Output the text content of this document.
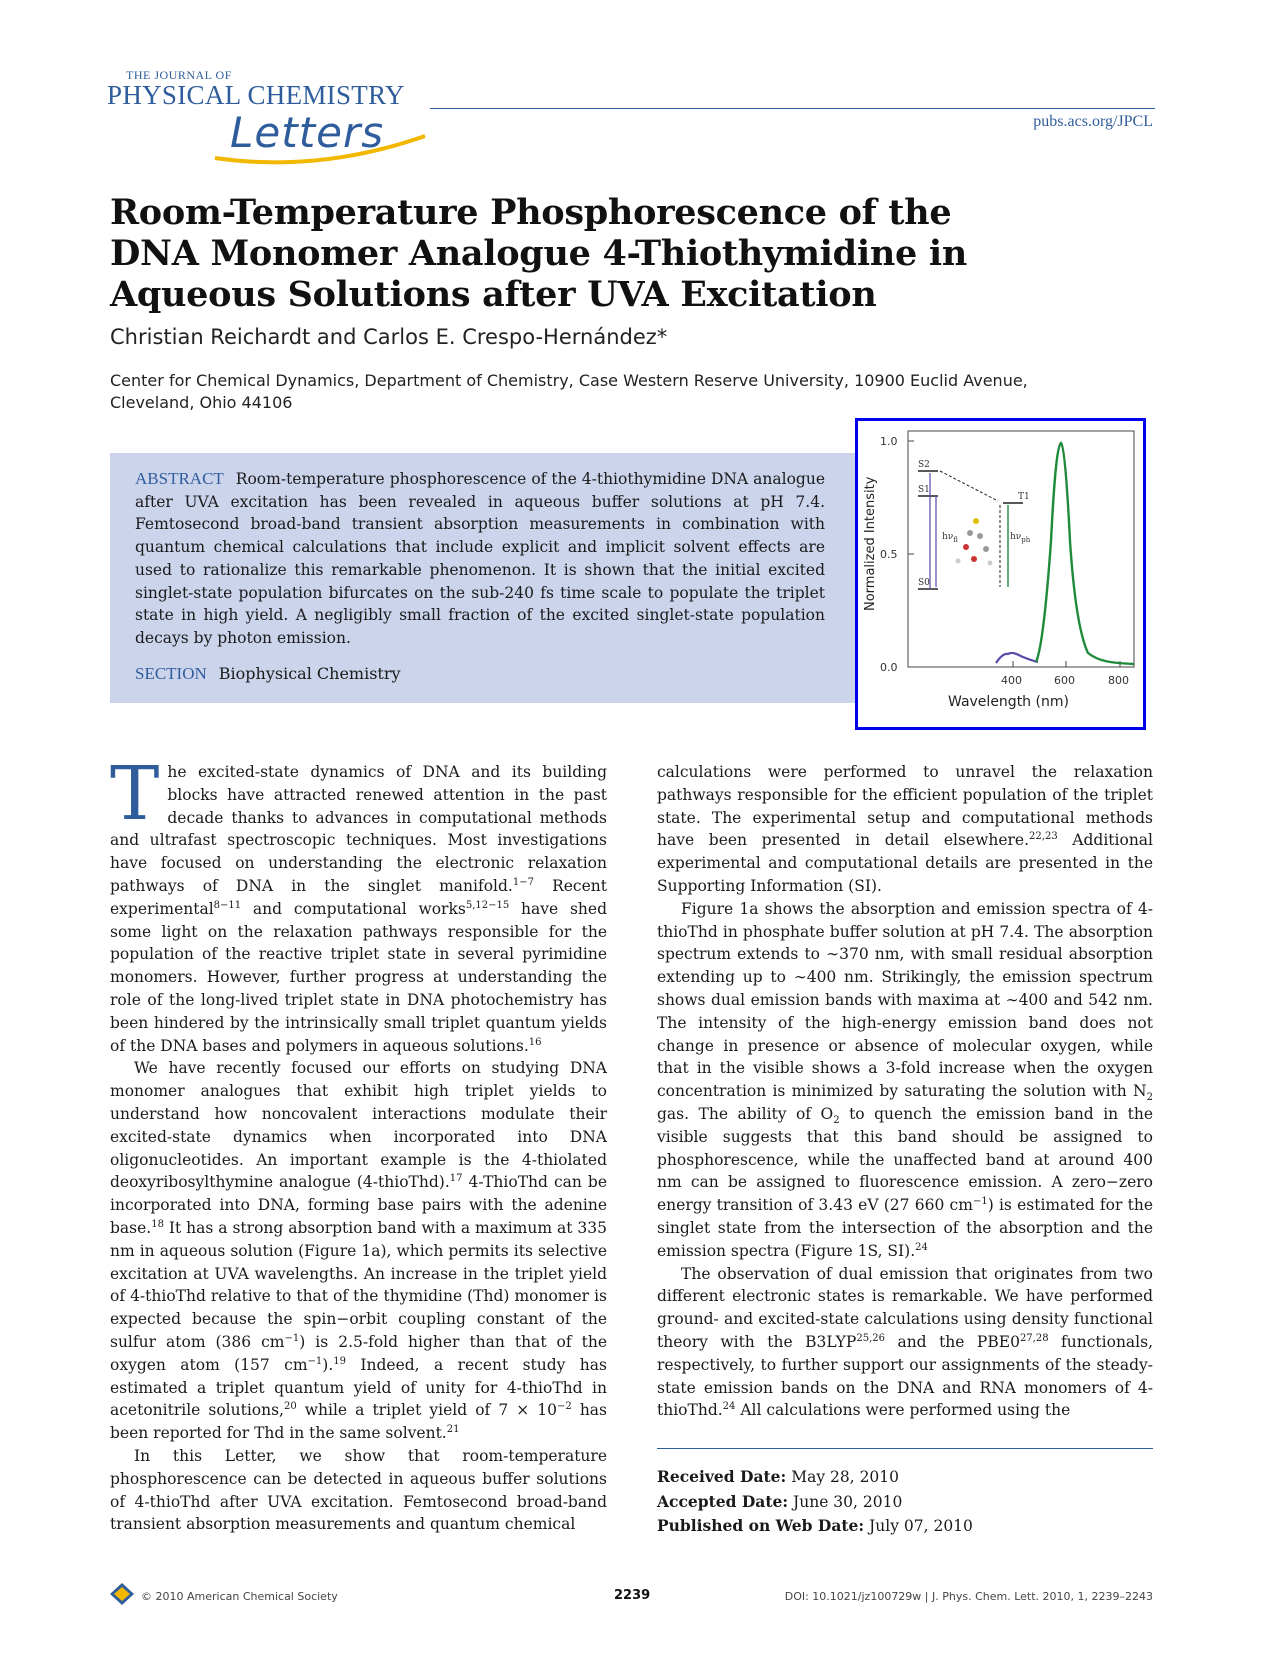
THE JOURNAL OF
PHYSICAL CHEMISTRY
Letters	pubs.acs.org/JPCL
Room-Temperature Phosphorescence of the DNA Monomer Analogue 4-Thiothymidine in Aqueous Solutions after UVA Excitation
Christian Reichardt and Carlos E. Crespo-Hernández*
Center for Chemical Dynamics, Department of Chemistry, Case Western Reserve University, 10900 Euclid Avenue, Cleveland, Ohio 44106
ABSTRACT Room-temperature phosphorescence of the 4-thiothymidine DNA analogue after UVA excitation has been revealed in aqueous buffer solutions at pH 7.4. Femtosecond broad-band transient absorption measurements in combination with quantum chemical calculations that include explicit and implicit solvent effects are used to rationalize this remarkable phenomenon. It is shown that the initial excited singlet-state population bifurcates on the sub-240 fs time scale to populate the triplet state in high yield. A negligibly small fraction of the excited singlet-state population decays by photon emission.
SECTION Biophysical Chemistry
1.0
0.5
0.0
400	600	800
Wavelength (nm)
Normalized Intensity
S2
S1
S0
T1
$h\nu_{fl}$	$h\nu_{ph}$

The excited-state dynamics of DNA and its building blocks have attracted renewed attention in the past decade thanks to advances in computational methods and ultrafast spectroscopic techniques. Most investigations have focused on understanding the electronic relaxation pathways of DNA in the singlet manifold.$^{1-7}$ Recent experimental$^{8-11}$ and computational works$^{5,12-15}$ have shed some light on the relaxation pathways responsible for the population of the reactive triplet state in several pyrimidine monomers. However, further progress at understanding the role of the long-lived triplet state in DNA photochemistry has been hindered by the intrinsically small triplet quantum yields of the DNA bases and polymers in aqueous solutions.$^{16}$

We have recently focused our efforts on studying DNA monomer analogues that exhibit high triplet yields to understand how noncovalent interactions modulate their excited-state dynamics when incorporated into DNA oligonucleotides. An important example is the 4-thiolated deoxyribosylthymine analogue (4-thioThd).$^{17}$ 4-ThioThd can be incorporated into DNA, forming base pairs with the adenine base.$^{18}$ It has a strong absorption band with a maximum at 335 nm in aqueous solution (Figure 1a), which permits its selective excitation at UVA wavelengths. An increase in the triplet yield of 4-thioThd relative to that of the thymidine (Thd) monomer is expected because the spin−orbit coupling constant of the sulfur atom (386 $cm^{-1}$) is 2.5-fold higher than that of the oxygen atom (157 $cm^{-1}).^{19}$ Indeed, a recent study has estimated a triplet quantum yield of unity for 4-thioThd in acetonitrile solutions,$^{20}$ while a triplet yield of $7 \times 10^{-2}$ has been reported for Thd in the same solvent.$^{21}$

In this Letter, we show that room-temperature phosphorescence can be detected in aqueous buffer solutions of 4-thioThd after UVA excitation. Femtosecond broad-band transient absorption measurements and quantum chemical

calculations were performed to unravel the relaxation pathways responsible for the efficient population of the triplet state. The experimental setup and computational methods have been presented in detail elsewhere.$^{22,23}$ Additional experimental and computational details are presented in the Supporting Information (SI).

Figure 1a shows the absorption and emission spectra of 4-thioThd in phosphate buffer solution at pH 7.4. The absorption spectrum extends to ∼370 nm, with small residual absorption extending up to ∼400 nm. Strikingly, the emission spectrum shows dual emission bands with maxima at ∼400 and 542 nm. The intensity of the high-energy emission band does not change in presence or absence of molecular oxygen, while that in the visible shows a 3-fold increase when the oxygen concentration is minimized by saturating the solution with $N_2$ gas. The ability of $O_2$ to quench the emission band in the visible suggests that this band should be assigned to phosphorescence, while the unaffected band at around 400 nm can be assigned to fluorescence emission. A zero−zero energy transition of 3.43 eV (27 660 $cm^{-1}$) is estimated for the singlet state from the intersection of the absorption and the emission spectra (Figure 1S, SI).$^{24}$

The observation of dual emission that originates from two different electronic states is remarkable. We have performed ground- and excited-state calculations using density functional theory with the B3LYP$^{25,26}$ and the PBE0$^{27,28}$ functionals, respectively, to further support our assignments of the steady-state emission bands on the DNA and RNA monomers of 4-thioThd.$^{24}$ All calculations were performed using the

Received Date: May 28, 2010
Accepted Date: June 30, 2010
Published on Web Date: July 07, 2010
© 2010 American Chemical Society	2239	DOI: 10.1021/jz100729w | J. Phys. Chem. Lett. 2010, 1, 2239–2243
